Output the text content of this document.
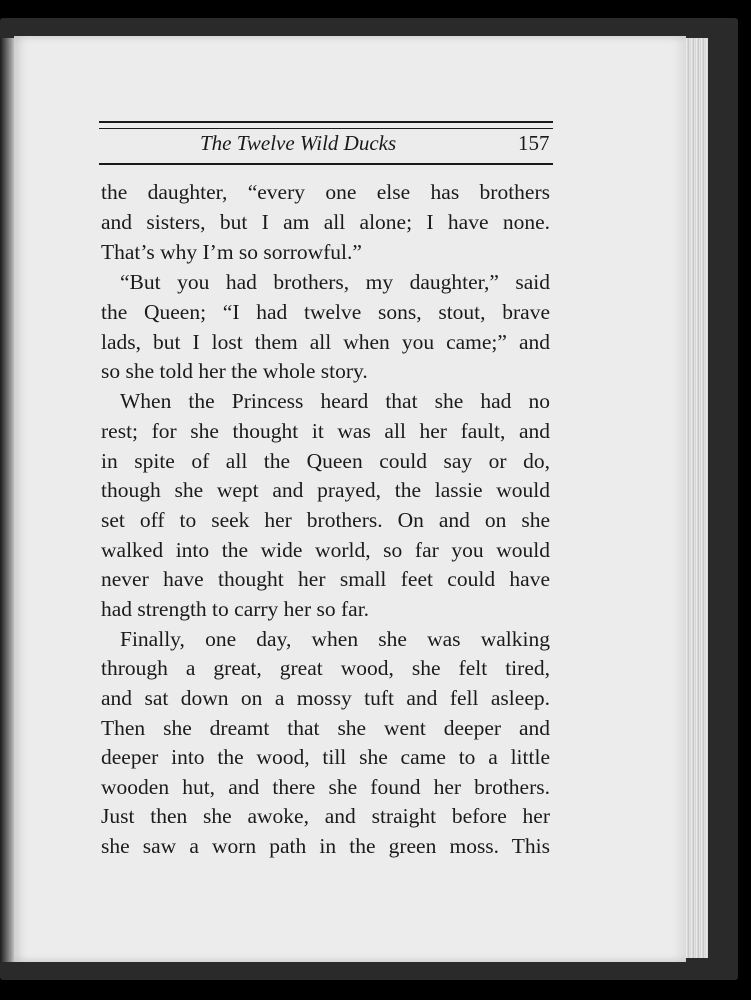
The Twelve Wild Ducks	157
the daughter, “every one else has brothers
and sisters, but I am all alone; I have none.
That’s why I’m so sorrowful.”
“But you had brothers, my daughter,” said
the Queen; “I had twelve sons, stout, brave
lads, but I lost them all when you came;” and
so she told her the whole story.
When the Princess heard that she had no
rest; for she thought it was all her fault, and
in spite of all the Queen could say or do,
though she wept and prayed, the lassie would
set off to seek her brothers. On and on she
walked into the wide world, so far you would
never have thought her small feet could have
had strength to carry her so far.
Finally, one day, when she was walking
through a great, great wood, she felt tired,
and sat down on a mossy tuft and fell asleep.
Then she dreamt that she went deeper and
deeper into the wood, till she came to a little
wooden hut, and there she found her brothers.
Just then she awoke, and straight before her
she saw a worn path in the green moss. This
